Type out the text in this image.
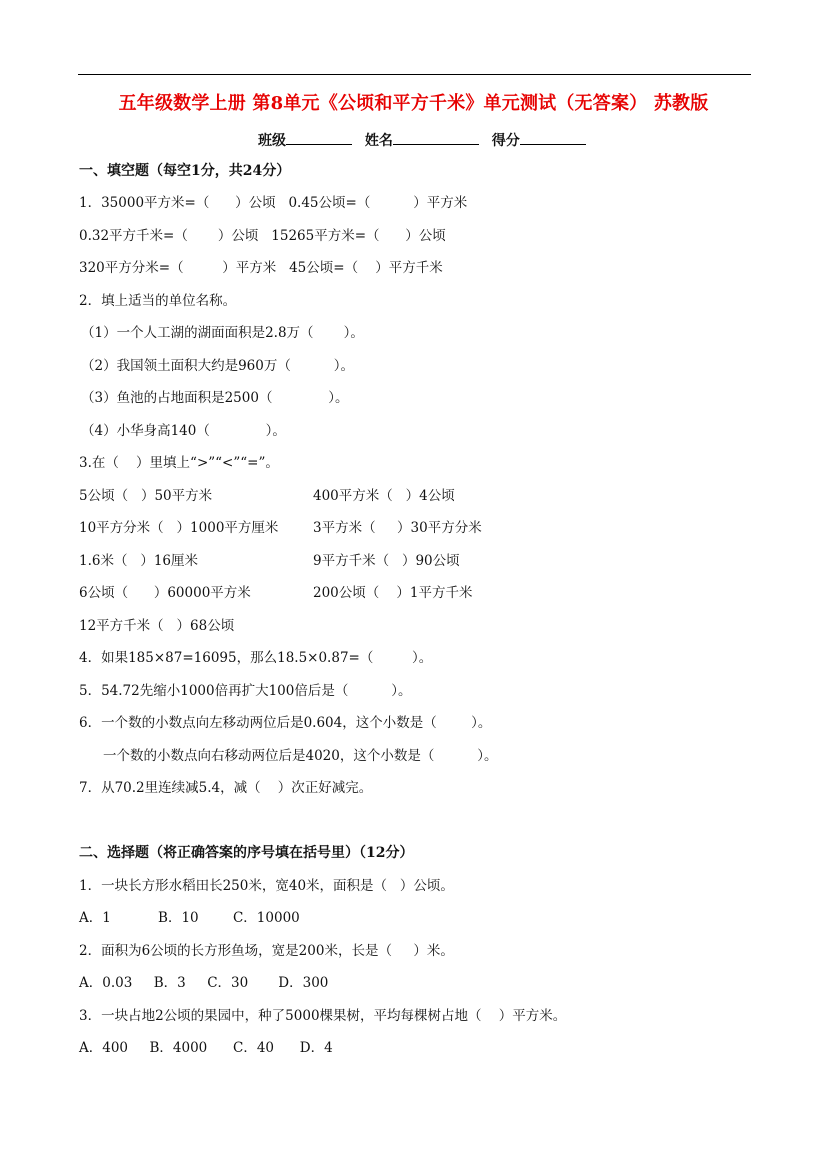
五年级数学上册 第8单元《公顷和平方千米》单元测试（无答案） 苏教版
班级	姓名	得分
一、填空题（每空1分，共24分）
1．35000平方米=（      ）公顷   0.45公顷=（          ）平方米
0.32平方千米=（       ）公顷   15265平方米=（      ）公顷
320平方分米=（         ）平方米   45公顷=（    ）平方千米
2．填上适当的单位名称。
（1）一个人工湖的湖面面积是2.8万（       ）。
（2）我国领土面积大约是960万（          ）。
（3）鱼池的占地面积是2500（             ）。
（4）小华身高140（             ）。
3.在（    ）里填上“>”“<”“=”。
5公顷（   ）50平方米	400平方米（   ）4公顷
10平方分米（   ）1000平方厘米	3平方米（     ）30平方分米
1.6米（   ）16厘米	9平方千米（   ）90公顷
6公顷（      ）60000平方米	200公顷（    ）1平方千米
12平方千米（   ）68公顷
4．如果185×87=16095，那么18.5×0.87=（         ）。
5．54.72先缩小1000倍再扩大100倍后是（          ）。
6．一个数的小数点向左移动两位后是0.604，这个小数是（        ）。
一个数的小数点向右移动两位后是4020，这个小数是（          ）。
7．从70.2里连续减5.4，减（    ）次正好减完。
二、选择题（将正确答案的序号填在括号里）（12分）
1．一块长方形水稻田长250米，宽40米，面积是（   ）公顷。
A．1           B．10        C．10000
2．面积为6公顷的长方形鱼场，宽是200米，长是（     ）米。
A．0.03     B．3     C．30       D．300
3．一块占地2公顷的果园中，种了5000棵果树，平均每棵树占地（    ）平方米。
A．400     B．4000      C．40      D．4
